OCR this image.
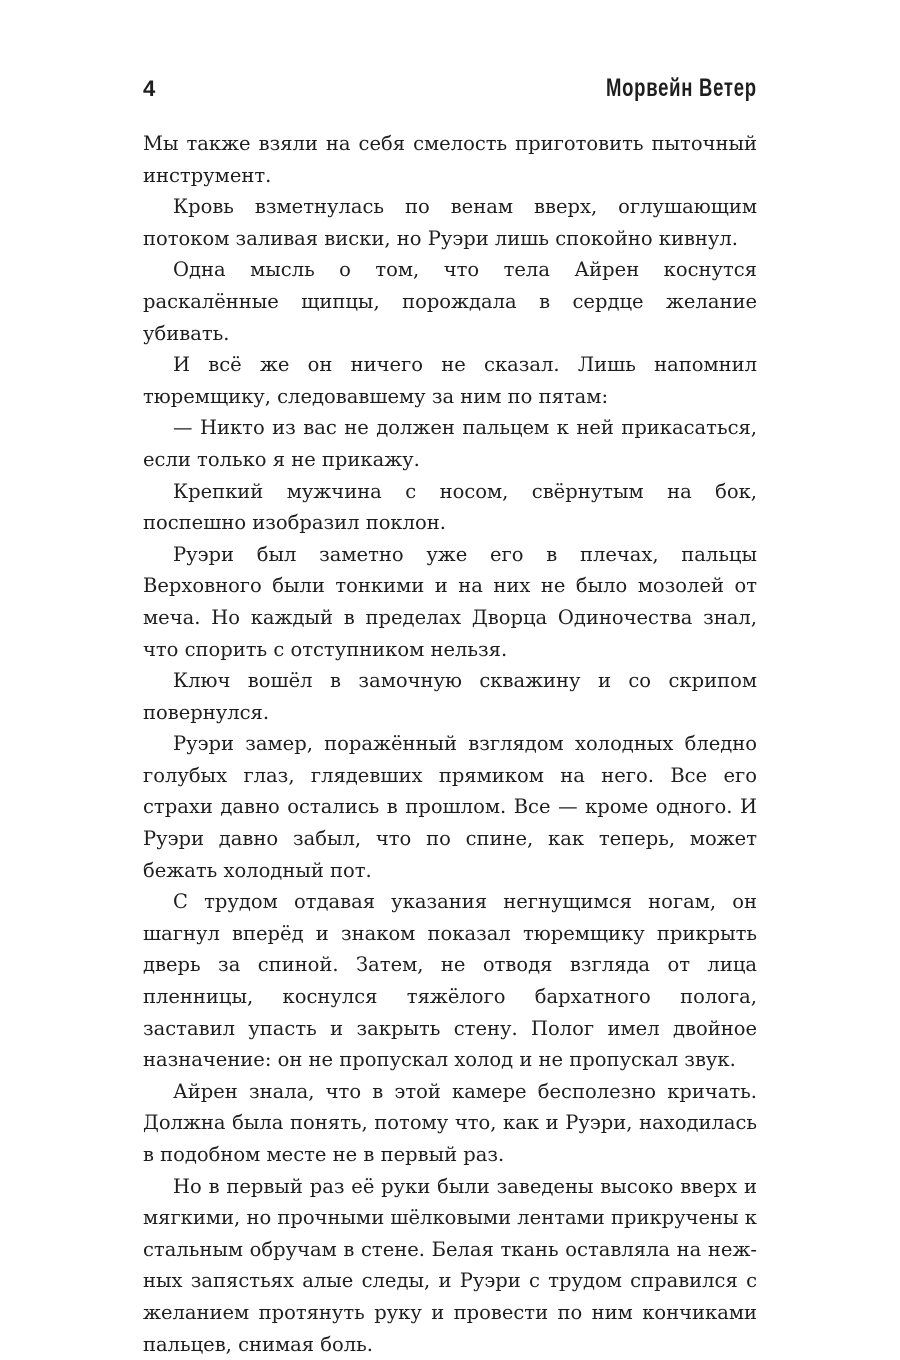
4	Морвейн Ветер

Мы также взяли на себя смелость приготовить пыточный инструмент.

Кровь взметнулась по венам вверх, оглушающим потоком заливая виски, но Руэри лишь спокойно кивнул.

Одна мысль о том, что тела Айрен коснутся раскалённые щипцы, порождала в сердце желание убивать.

И всё же он ничего не сказал. Лишь напомнил тюремщику, следовавшему за ним по пятам:

— Никто из вас не должен пальцем к ней прикасаться, если только я не прикажу.

Крепкий мужчина с носом, свёрнутым на бок, поспешно изобразил поклон.

Руэри был заметно уже его в плечах, пальцы Верховного были тонкими и на них не было мозолей от меча. Но каждый в пределах Дворца Одиночества знал, что спорить с отступником нельзя.

Ключ вошёл в замочную скважину и со скрипом повернулся.

Руэри замер, поражённый взглядом холодных бледно голубых глаз, глядевших прямиком на него. Все его страхи давно остались в прошлом. Все — кроме одного. И Руэри давно забыл, что по спине, как теперь, может бежать холодный пот.

С трудом отдавая указания негнущимся ногам, он шагнул вперёд и знаком показал тюремщику прикрыть дверь за спиной. Затем, не отводя взгляда от лица пленницы, коснулся тяжёлого бархатного полога, заставил упасть и закрыть стену. Полог имел двойное назначение: он не пропускал холод и не пропускал звук.

Айрен знала, что в этой камере бесполезно кричать. Должна была понять, потому что, как и Руэри, находилась в подобном месте не в первый раз.

Но в первый раз её руки были заведены высоко вверх и мягкими, но прочными шёлковыми лентами прикручены к стальным обручам в стене. Белая ткань оставляла на нежных запястьях алые следы, и Руэри с трудом справился с желанием протянуть руку и провести по ним кончиками пальцев, снимая боль.
